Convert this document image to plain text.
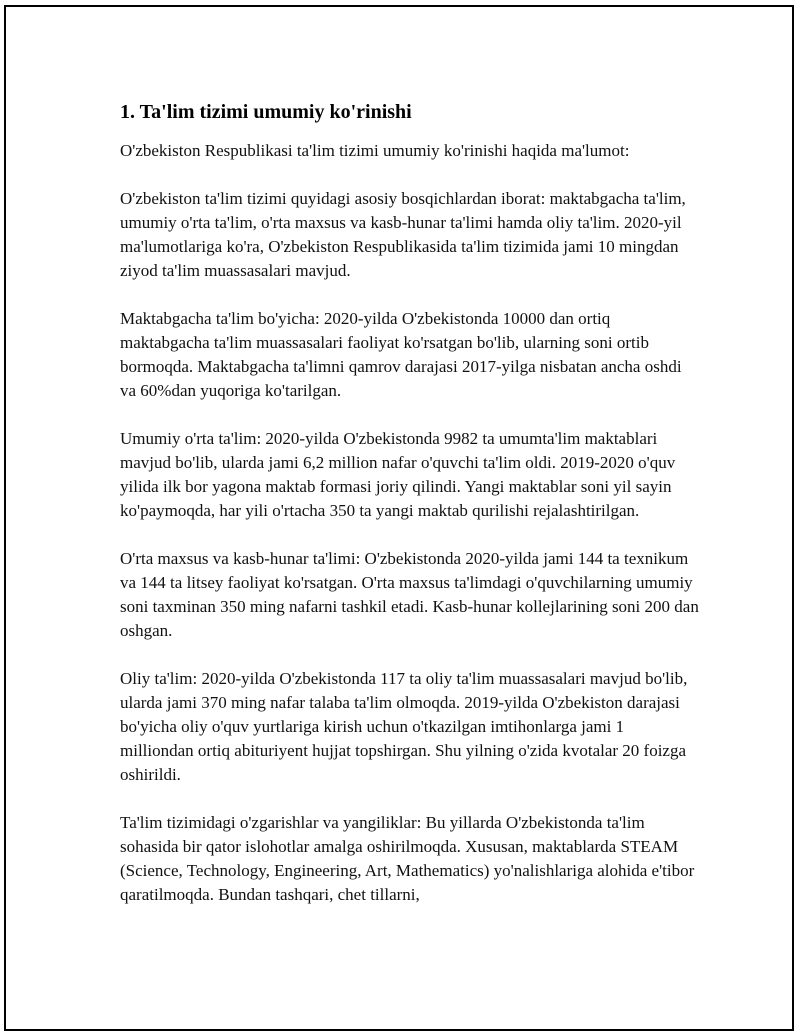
1. Ta'lim tizimi umumiy ko'rinishi

O'zbekiston Respublikasi ta'lim tizimi umumiy ko'rinishi haqida ma'lumot:

O'zbekiston ta'lim tizimi quyidagi asosiy bosqichlardan iborat: maktabgacha ta'lim, umumiy o'rta ta'lim, o'rta maxsus va kasb-hunar ta'limi hamda oliy ta'lim. 2020-yil ma'lumotlariga ko'ra, O'zbekiston Respublikasida ta'lim tizimida jami 10 mingdan ziyod ta'lim muassasalari mavjud.

Maktabgacha ta'lim bo'yicha: 2020-yilda O'zbekistonda 10000 dan ortiq maktabgacha ta'lim muassasalari faoliyat ko'rsatgan bo'lib, ularning soni ortib bormoqda. Maktabgacha ta'limni qamrov darajasi 2017-yilga nisbatan ancha oshdi va 60%dan yuqoriga ko'tarilgan.

Umumiy o'rta ta'lim: 2020-yilda O'zbekistonda 9982 ta umumta'lim maktablari mavjud bo'lib, ularda jami 6,2 million nafar o'quvchi ta'lim oldi. 2019-2020 o'quv yilida ilk bor yagona maktab formasi joriy qilindi. Yangi maktablar soni yil sayin ko'paymoqda, har yili o'rtacha 350 ta yangi maktab qurilishi rejalashtirilgan.

O'rta maxsus va kasb-hunar ta'limi: O'zbekistonda 2020-yilda jami 144 ta texnikum va 144 ta litsey faoliyat ko'rsatgan. O'rta maxsus ta'limdagi o'quvchilarning umumiy soni taxminan 350 ming nafarni tashkil etadi. Kasb-hunar kollejlarining soni 200 dan oshgan.

Oliy ta'lim: 2020-yilda O'zbekistonda 117 ta oliy ta'lim muassasalari mavjud bo'lib, ularda jami 370 ming nafar talaba ta'lim olmoqda. 2019-yilda O'zbekiston darajasi bo'yicha oliy o'quv yurtlariga kirish uchun o'tkazilgan imtihonlarga jami 1 milliondan ortiq abituriyent hujjat topshirgan. Shu yilning o'zida kvotalar 20 foizga oshirildi.

Ta'lim tizimidagi o'zgarishlar va yangiliklar: Bu yillarda O'zbekistonda ta'lim sohasida bir qator islohotlar amalga oshirilmoqda. Xususan, maktablarda STEAM (Science, Technology, Engineering, Art, Mathematics) yo'nalishlariga alohida e'tibor qaratilmoqda. Bundan tashqari, chet tillarni,
